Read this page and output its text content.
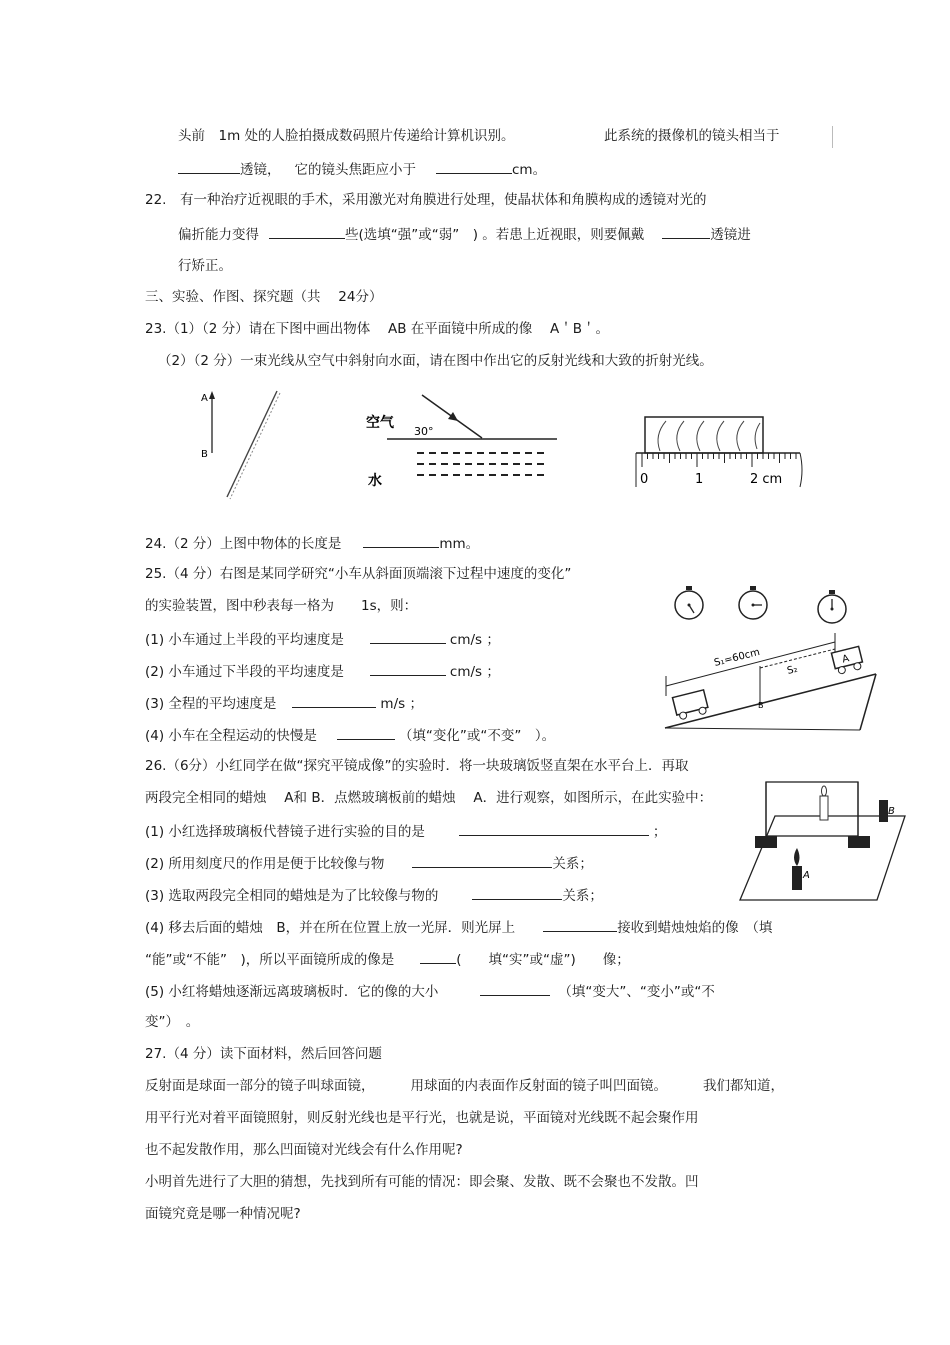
头前　1m 处的人脸拍摄成数码照片传递给计算机识别。	此系统的摄像机的镜头相当于
透镜， 它的镜头焦距应小于	cm。
22.　有一种治疗近视眼的手术，采用激光对角膜进行处理，使晶状体和角膜构成的透镜对光的
偏折能力变得	些(选填“强”或“弱”　) 。若患上近视眼，则要佩戴	透镜进
行矫正。
三、实验、作图、探究题（共　 24分）
23.（1）（2 分）请在下图中画出物体　 AB 在平面镜中所成的像　 A＇B＇。
（2）（2 分）一束光线从空气中斜射向水面，请在图中作出它的反射光线和大致的折射光线。
A
B
空气
30°
水	0	1	2 cm
24.（2 分）上图中物体的长度是	mm。
25.（4 分）右图是某同学研究“小车从斜面顶端滚下过程中速度的变化”
的实验装置，图中秒表每一格为　　1s，则：
(1) 小车通过上半段的平均速度是	cm/s ；
(2) 小车通过下半段的平均速度是	cm/s ；
(3) 全程的平均速度是	m/s ；
(4) 小车在全程运动的快慢是	（填“变化”或“不变”　）。
S₁=60cm
S₂
B
A
26.（6分）小红同学在做“探究平镜成像”的实验时．将一块玻璃饭竖直架在水平台上．再取
两段完全相同的蜡烛　 A和 B．点燃玻璃板前的蜡烛　 A．进行观察，如图所示，在此实验中：
(1) 小红选择玻璃板代替镜子进行实验的目的是	；
(2) 所用刻度尺的作用是便于比较像与物	关系；
(3) 选取两段完全相同的蜡烛是为了比较像与物的	关系；
(4) 移去后面的蜡烛　B，并在所在位置上放一光屏．则光屏上	接收到蜡烛烛焰的像　（填
“能”或“不能”　)，所以平面镜所成的像是	(　　填“实”或“虚”)　　像；
(5) 小红将蜡烛逐渐远离玻璃板时．它的像的大小	（填“变大”、“变小”或“不
变”）　。
B
A
27.（4 分）读下面材料，然后回答问题
反射面是球面一部分的镜子叫球面镜，	用球面的内表面作反射面的镜子叫凹面镜。	我们都知道，
用平行光对着平面镜照射，则反射光线也是平行光，也就是说，平面镜对光线既不起会聚作用
也不起发散作用，那么凹面镜对光线会有什么作用呢?
小明首先进行了大胆的猜想，先找到所有可能的情况：即会聚、发散、既不会聚也不发散。凹
面镜究竟是哪一种情况呢?
